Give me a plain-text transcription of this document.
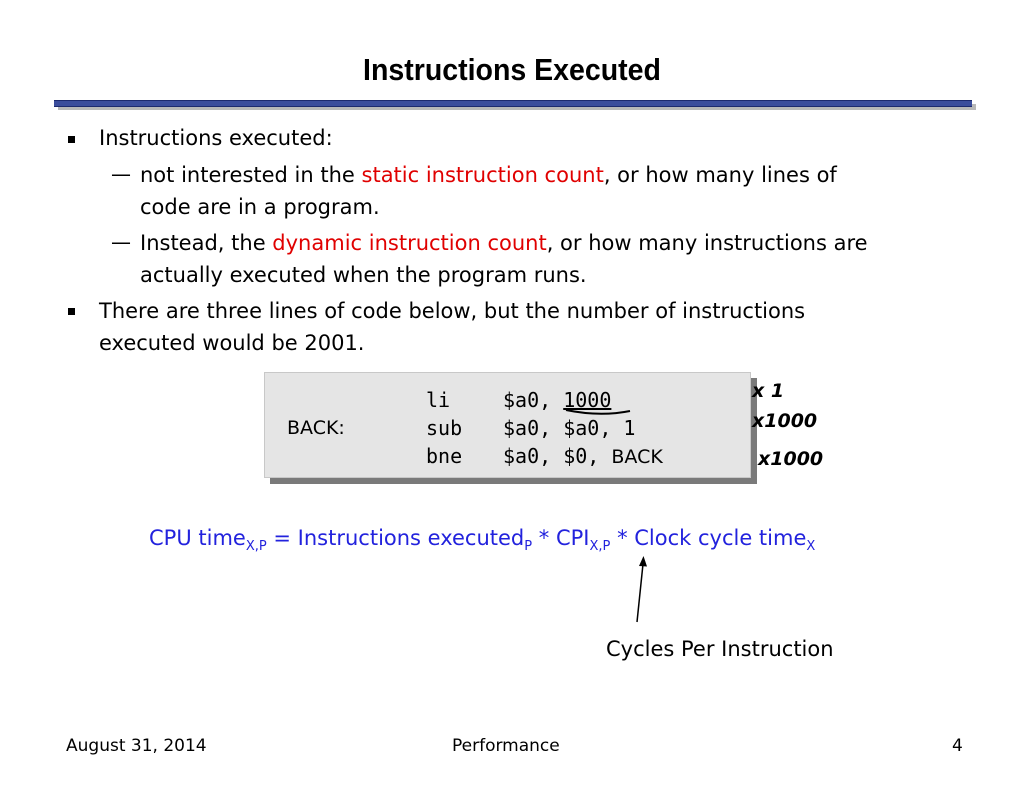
Instructions Executed
Instructions executed:
— not interested in the static instruction count, or how many lines of
code are in a program.
— Instead, the dynamic instruction count, or how many instructions are
actually executed when the program runs.
There are three lines of code below, but the number of instructions
executed would be 2001.
li	$a0, 1000
BACK:	sub $a0, $a0, 1
bne $a0, $0, BACK
x 1
x1000
x1000
CPU time$_{X,P}$ = Instructions executed$_P$ * $CPI_{X,P}$ * Clock cycle time$_X$
Cycles Per Instruction
August 31, 2014	Performance	4
